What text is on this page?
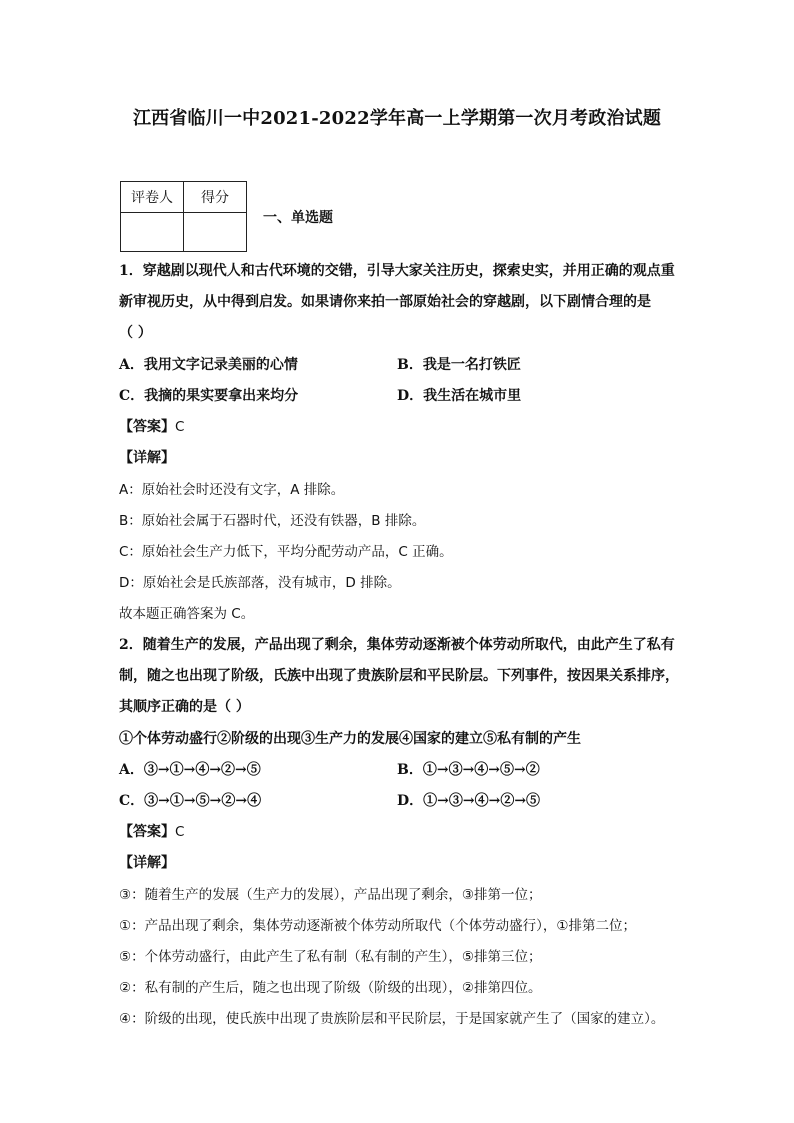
江西省临川一中2021-2022学年高一上学期第一次月考政治试题
评卷人	得分

一、单选题
1．穿越剧以现代人和古代环境的交错，引导大家关注历史，探索史实，并用正确的观点重
新审视历史，从中得到启发。如果请你来拍一部原始社会的穿越剧，以下剧情合理的是
（ ）
A．我用文字记录美丽的心情	B．我是一名打铁匠
C．我摘的果实要拿出来均分	D．我生活在城市里
【答案】C
【详解】
A：原始社会时还没有文字，A 排除。
B：原始社会属于石器时代，还没有铁器，B 排除。
C：原始社会生产力低下，平均分配劳动产品，C 正确。
D：原始社会是氏族部落，没有城市，D 排除。
故本题正确答案为 C。
2．随着生产的发展，产品出现了剩余，集体劳动逐渐被个体劳动所取代，由此产生了私有
制，随之也出现了阶级，氏族中出现了贵族阶层和平民阶层。下列事件，按因果关系排序，
其顺序正确的是（ ）
①个体劳动盛行②阶级的出现③生产力的发展④国家的建立⑤私有制的产生
A．③→①→④→②→⑤	B．①→③→④→⑤→②
C．③→①→⑤→②→④	D．①→③→④→②→⑤
【答案】C
【详解】
③：随着生产的发展（生产力的发展），产品出现了剩余，③排第一位；
①：产品出现了剩余，集体劳动逐渐被个体劳动所取代（个体劳动盛行），①排第二位；
⑤：个体劳动盛行，由此产生了私有制（私有制的产生），⑤排第三位；
②：私有制的产生后，随之也出现了阶级（阶级的出现），②排第四位。
④：阶级的出现，使氏族中出现了贵族阶层和平民阶层，于是国家就产生了（国家的建立）。
